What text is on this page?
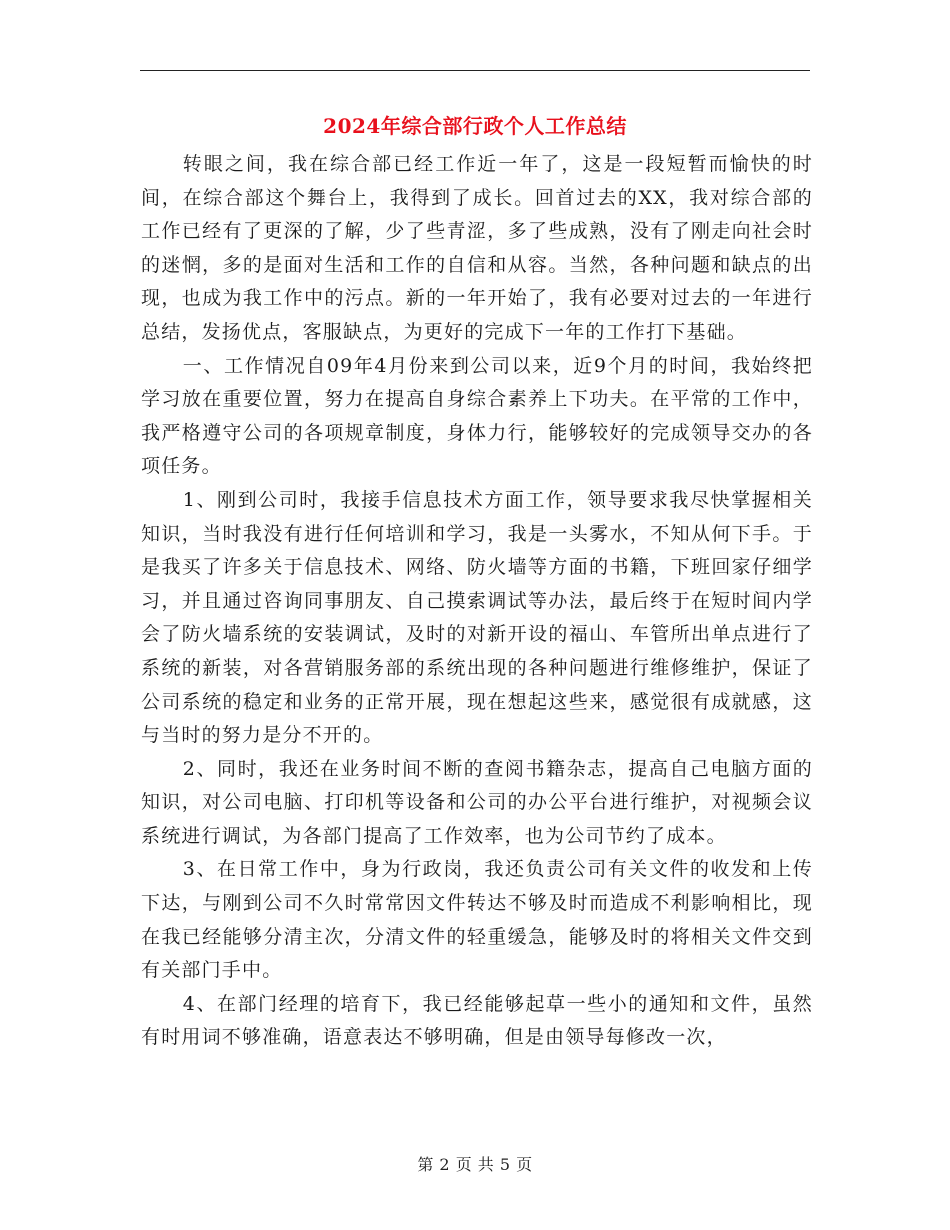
2024年综合部行政个人工作总结

转眼之间，我在综合部已经工作近一年了，这是一段短暂而愉快的时间，在综合部这个舞台上，我得到了成长。回首过去的XX，我对综合部的工作已经有了更深的了解，少了些青涩，多了些成熟，没有了刚走向社会时的迷惘，多的是面对生活和工作的自信和从容。当然，各种问题和缺点的出现，也成为我工作中的污点。新的一年开始了，我有必要对过去的一年进行总结，发扬优点，客服缺点，为更好的完成下一年的工作打下基础。

一、工作情况自09年4月份来到公司以来，近9个月的时间，我始终把学习放在重要位置，努力在提高自身综合素养上下功夫。在平常的工作中，我严格遵守公司的各项规章制度，身体力行，能够较好的完成领导交办的各项任务。

1、刚到公司时，我接手信息技术方面工作，领导要求我尽快掌握相关知识，当时我没有进行任何培训和学习，我是一头雾水，不知从何下手。于是我买了许多关于信息技术、网络、防火墙等方面的书籍，下班回家仔细学习，并且通过咨询同事朋友、自己摸索调试等办法，最后终于在短时间内学会了防火墙系统的安装调试，及时的对新开设的福山、车管所出单点进行了系统的新装，对各营销服务部的系统出现的各种问题进行维修维护，保证了公司系统的稳定和业务的正常开展，现在想起这些来，感觉很有成就感，这与当时的努力是分不开的。

2、同时，我还在业务时间不断的查阅书籍杂志，提高自己电脑方面的知识，对公司电脑、打印机等设备和公司的办公平台进行维护，对视频会议系统进行调试，为各部门提高了工作效率，也为公司节约了成本。

3、在日常工作中，身为行政岗，我还负责公司有关文件的收发和上传下达，与刚到公司不久时常常因文件转达不够及时而造成不利影响相比，现在我已经能够分清主次，分清文件的轻重缓急，能够及时的将相关文件交到有关部门手中。

4、在部门经理的培育下，我已经能够起草一些小的通知和文件，虽然有时用词不够准确，语意表达不够明确，但是由领导每修改一次，

第 2 页 共 5 页
